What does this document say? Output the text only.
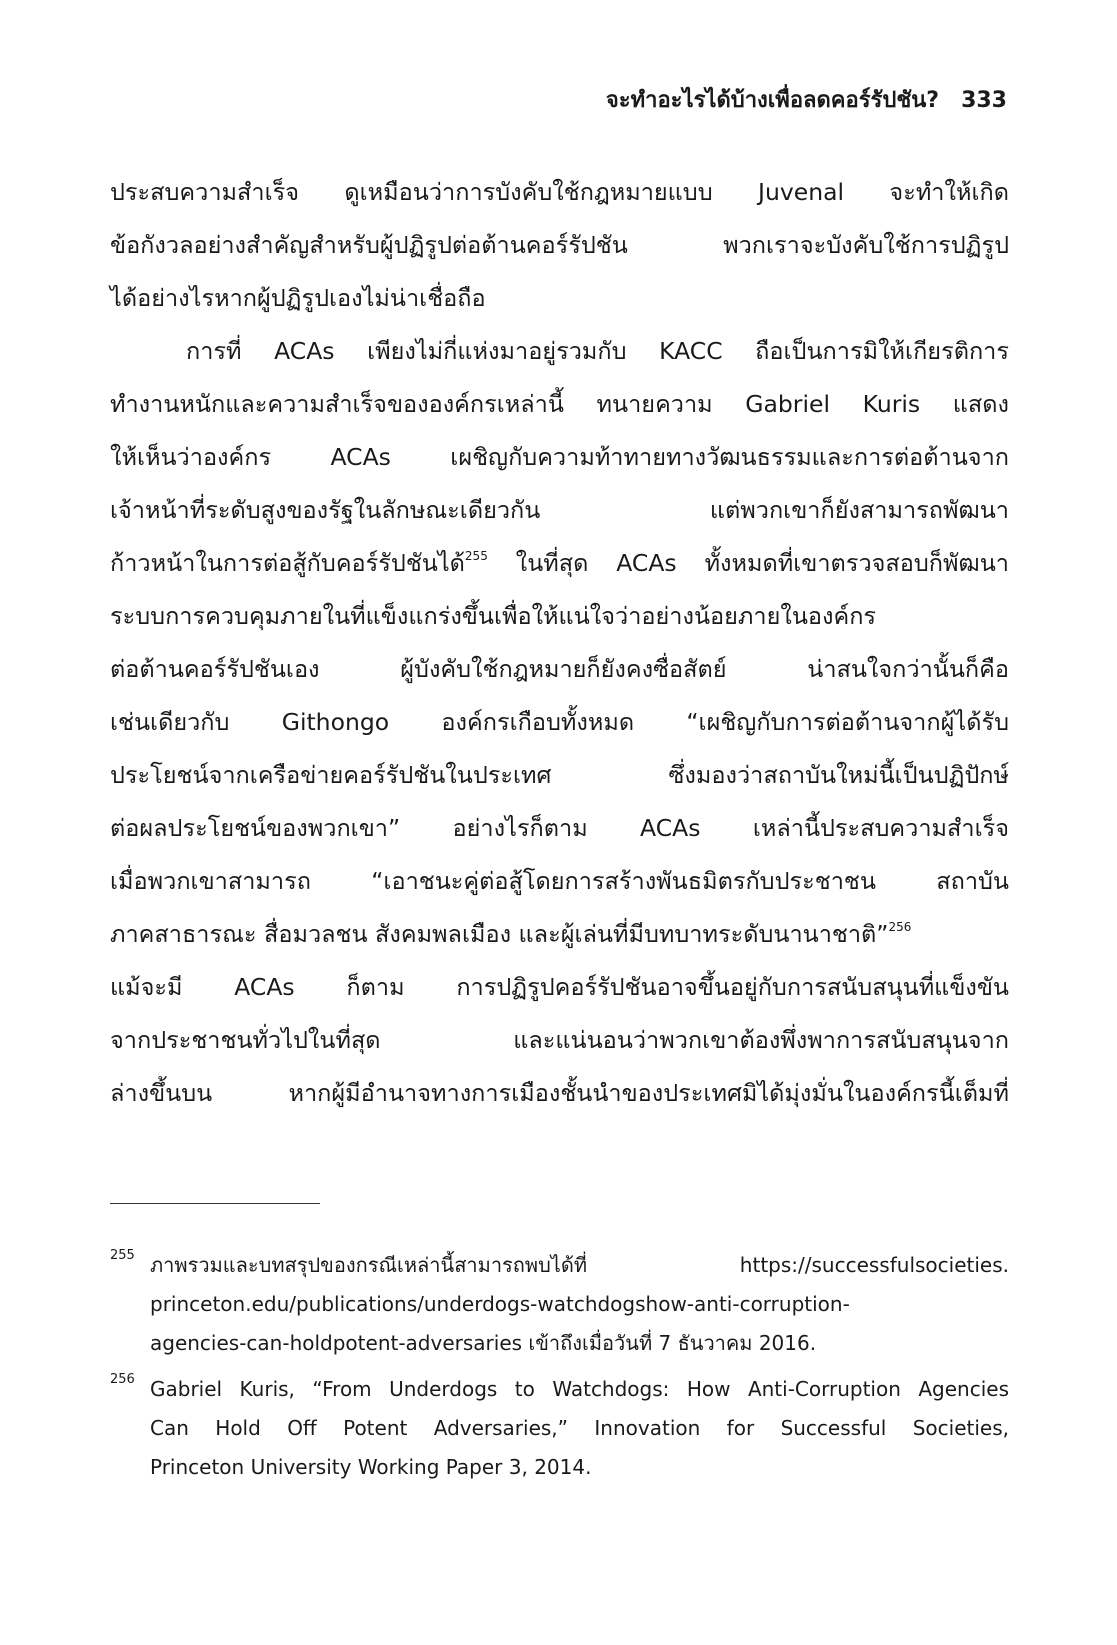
จะทำอะไรได้บ้างเพื่อลดคอร์รัปชัน? 333
ประสบความสำเร็จ ดูเหมือนว่าการบังคับใช้กฎหมายแบบ Juvenal จะทำให้เกิด
ข้อกังวลอย่างสำคัญสำหรับผู้ปฏิรูปต่อต้านคอร์รัปชัน พวกเราจะบังคับใช้การปฏิรูป
ได้อย่างไรหากผู้ปฏิรูปเองไม่น่าเชื่อถือ
การที่ ACAs เพียงไม่กี่แห่งมาอยู่รวมกับ KACC ถือเป็นการมิให้เกียรติการ
ทำงานหนักและความสำเร็จขององค์กรเหล่านี้ ทนายความ Gabriel Kuris แสดง
ให้เห็นว่าองค์กร ACAs เผชิญกับความท้าทายทางวัฒนธรรมและการต่อต้านจาก
เจ้าหน้าที่ระดับสูงของรัฐในลักษณะเดียวกัน แต่พวกเขาก็ยังสามารถพัฒนา
ก้าวหน้าในการต่อสู้กับคอร์รัปชันได้$^{255}$ ในที่สุด ACAs ทั้งหมดที่เขาตรวจสอบก็พัฒนา
ระบบการควบคุมภายในที่แข็งแกร่งขึ้นเพื่อให้แน่ใจว่าอย่างน้อยภายในองค์กร
ต่อต้านคอร์รัปชันเอง ผู้บังคับใช้กฎหมายก็ยังคงซื่อสัตย์ น่าสนใจกว่านั้นก็คือ
เช่นเดียวกับ Githongo องค์กรเกือบทั้งหมด “เผชิญกับการต่อต้านจากผู้ได้รับ
ประโยชน์จากเครือข่ายคอร์รัปชันในประเทศ ซึ่งมองว่าสถาบันใหม่นี้เป็นปฏิปักษ์
ต่อผลประโยชน์ของพวกเขา” อย่างไรก็ตาม ACAs เหล่านี้ประสบความสำเร็จ
เมื่อพวกเขาสามารถ “เอาชนะคู่ต่อสู้โดยการสร้างพันธมิตรกับประชาชน สถาบัน
ภาคสาธารณะ สื่อมวลชน สังคมพลเมือง และผู้เล่นที่มีบทบาทระดับนานาชาติ”$^{256}$
แม้จะมี ACAs ก็ตาม การปฏิรูปคอร์รัปชันอาจขึ้นอยู่กับการสนับสนุนที่แข็งขัน
จากประชาชนทั่วไปในที่สุด และแน่นอนว่าพวกเขาต้องพึ่งพาการสนับสนุนจาก
ล่างขึ้นบน หากผู้มีอำนาจทางการเมืองชั้นนำของประเทศมิได้มุ่งมั่นในองค์กรนี้เต็มที่
255 ภาพรวมและบทสรุปของกรณีเหล่านี้สามารถพบได้ที่ https://successfulsocieties.
princeton.edu/publications/underdogs-watchdogshow-anti-corruption-
agencies-can-holdpotent-adversaries เข้าถึงเมื่อวันที่ 7 ธันวาคม 2016.
256 Gabriel Kuris, “From Underdogs to Watchdogs: How Anti-Corruption Agencies
Can Hold Off Potent Adversaries,” Innovation for Successful Societies,
Princeton University Working Paper 3, 2014.
